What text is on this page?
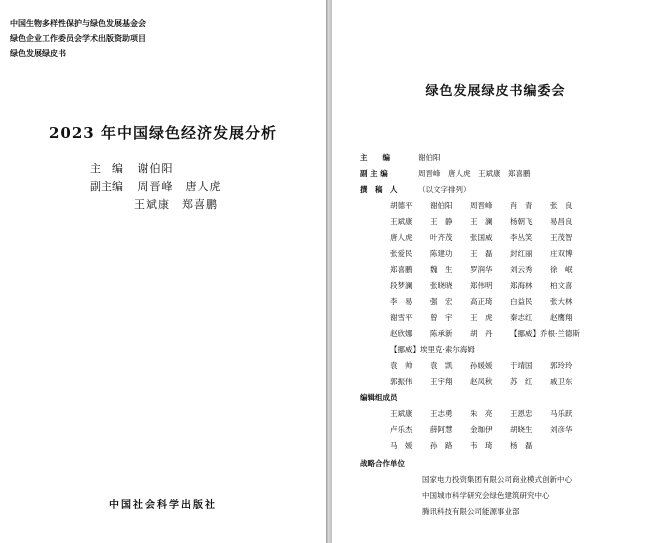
中国生物多样性保护与绿色发展基金会
绿色企业工作委员会学术出版资助项目
绿色发展绿皮书
2023 年中国绿色经济发展分析
主　编 谢伯阳
副主编 周晋峰　唐人虎
王斌康　郑喜鹏
中国社会科学出版社
绿色发展绿皮书编委会
主　　编	谢伯阳
副 主 编	周晋峰　唐人虎　王斌康　郑喜鹏
撰　稿　人	（以文字排列）
胡德平 谢伯阳 周晋峰 肖　青 张　良
王斌康 王　静 王　澜 杨朝飞 易昌良
唐人虎 叶齐茂 张国威 李丛笑 王茂智
张爱民 陈建功 王　磊 封红丽 庄双博
郑喜鹏 魏　生 罗润华 刘云秀 徐　岷
段梦澜 张晓晓 郑伟明 郑海林 柏文喜
李　易 强　宏 高正琦 白益民 张大林
谢雪平 曾　宇 王　虎 秦志红 赵鹰翔
赵欣娜 陈承新 胡　丹 【挪威】乔根·兰德斯
【挪威】埃里克·索尔海姆
袁　帅 袁　凯 孙媛媛 于靖国 郭玲玲
郭振伟 王宇翔 赵凤秋 苏　红 戚卫东
编辑组成员
王斌康 王志勇 朱　亮 王恩忠 马乐跃
卢乐杰 薛阿慧 金珈伊 胡晓生 刘彦华
马　媛 孙　路 韦　琦 杨　磊
战略合作单位
国家电力投资集团有限公司商业模式创新中心
中国城市科学研究会绿色建筑研究中心
腾讯科技有限公司能源事业部
